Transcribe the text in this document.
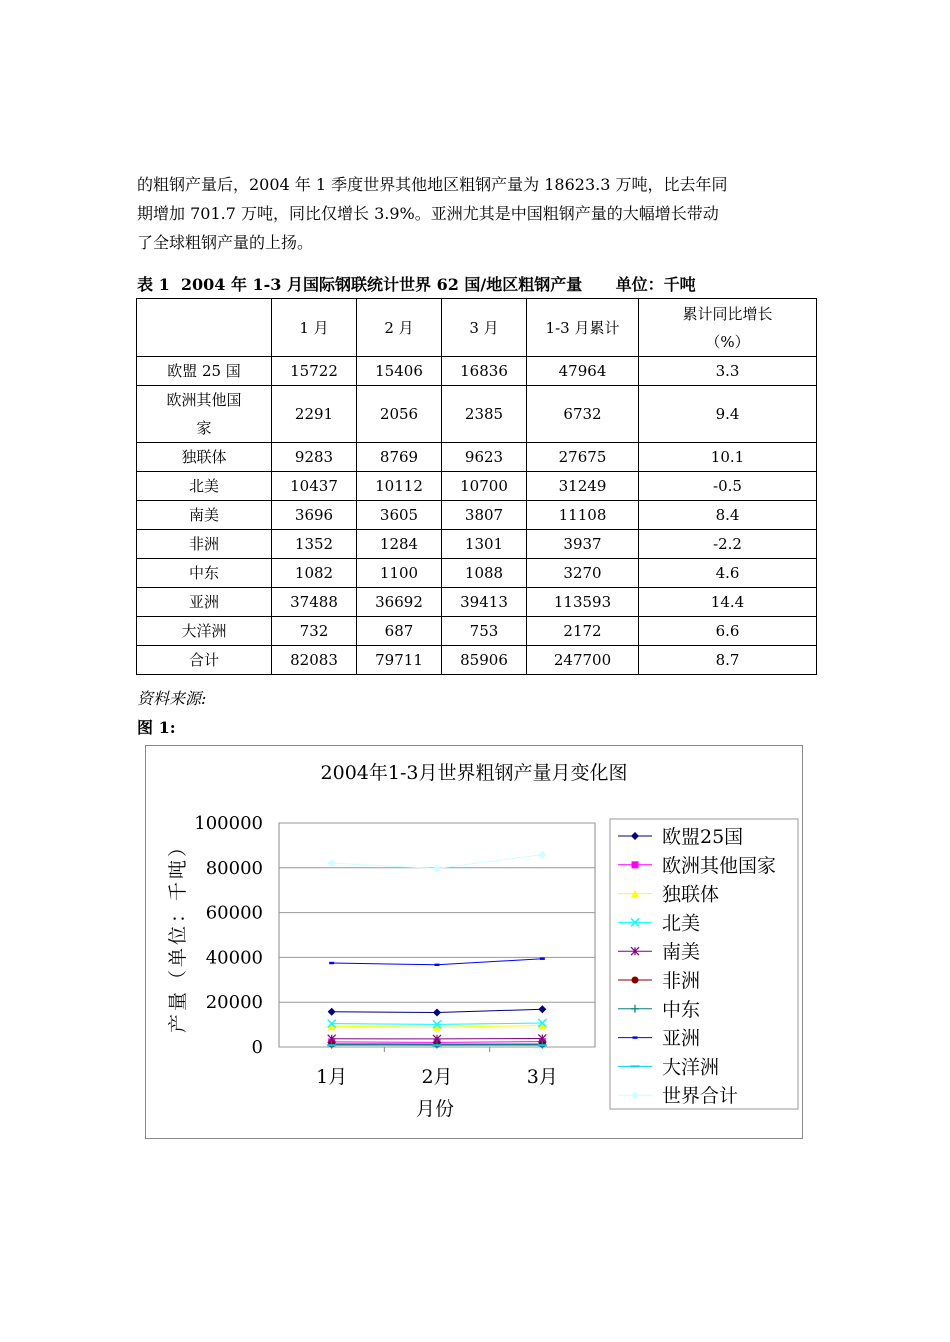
的粗钢产量后，2004 年 1 季度世界其他地区粗钢产量为 18623.3 万吨，比去年同

期增加 701.7 万吨，同比仅增长 3.9%。亚洲尤其是中国粗钢产量的大幅增长带动

了全球粗钢产量的上扬。

表 1  2004 年 1-3 月国际钢联统计世界 62 国/地区粗钢产量      单位：千吨
	1 月	2 月	3 月	1-3 月累计	累计同比增长
（%）

欧盟 25 国	15722	15406	16836	47964	3.3

欧洲其他国
家	2291	2056	2385	6732	9.4
独联体	9283	8769	9623	27675	10.1
北美	10437	10112	10700	31249	-0.5
南美	3696	3605	3807	11108	8.4
非洲	1352	1284	1301	3937	-2.2
中东	1082	1100	1088	3270	4.6
亚洲	37488	36692	39413	113593	14.4
大洋洲	732	687	753	2172	6.6
合计	82083	79711	85906	247700	8.7
资料来源:
图 1:
2004年1-3月世界粗钢产量月变化图
100000
80000
60000
40000
20000
0
1月	2月	3月
产量（单位：千吨）
月份
欧盟25国
欧洲其他国家
独联体
北美
南美
非洲
中东
亚洲
大洋洲
世界合计
